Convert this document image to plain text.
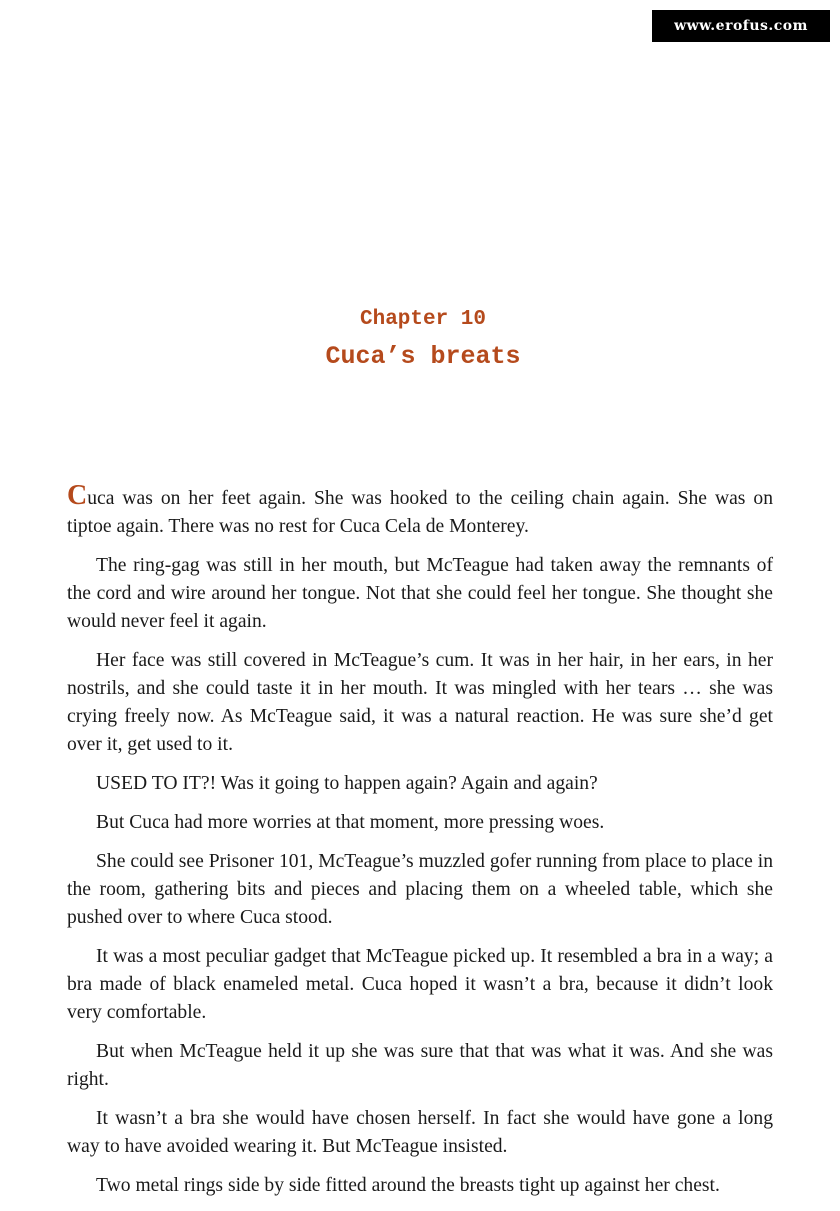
www.erofus.com
Chapter 10
Cuca’s breats

Cuca was on her feet again. She was hooked to the ceiling chain again. She was on tiptoe again. There was no rest for Cuca Cela de Monterey.

The ring-gag was still in her mouth, but McTeague had taken away the remnants of the cord and wire around her tongue. Not that she could feel her tongue. She thought she would never feel it again.

Her face was still covered in McTeague’s cum. It was in her hair, in her ears, in her nostrils, and she could taste it in her mouth. It was mingled with her tears … she was crying freely now. As McTeague said, it was a natural reaction. He was sure she’d get over it, get used to it.

USED TO IT?! Was it going to happen again? Again and again?

But Cuca had more worries at that moment, more pressing woes.

She could see Prisoner 101, McTeague’s muzzled gofer running from place to place in the room, gathering bits and pieces and placing them on a wheeled table, which she pushed over to where Cuca stood.

It was a most peculiar gadget that McTeague picked up. It resembled a bra in a way; a bra made of black enameled metal. Cuca hoped it wasn’t a bra, because it didn’t look very comfortable.

But when McTeague held it up she was sure that that was what it was. And she was right.

It wasn’t a bra she would have chosen herself. In fact she would have gone a long way to have avoided wearing it. But McTeague insisted.

Two metal rings side by side fitted around the breasts tight up against her chest.
